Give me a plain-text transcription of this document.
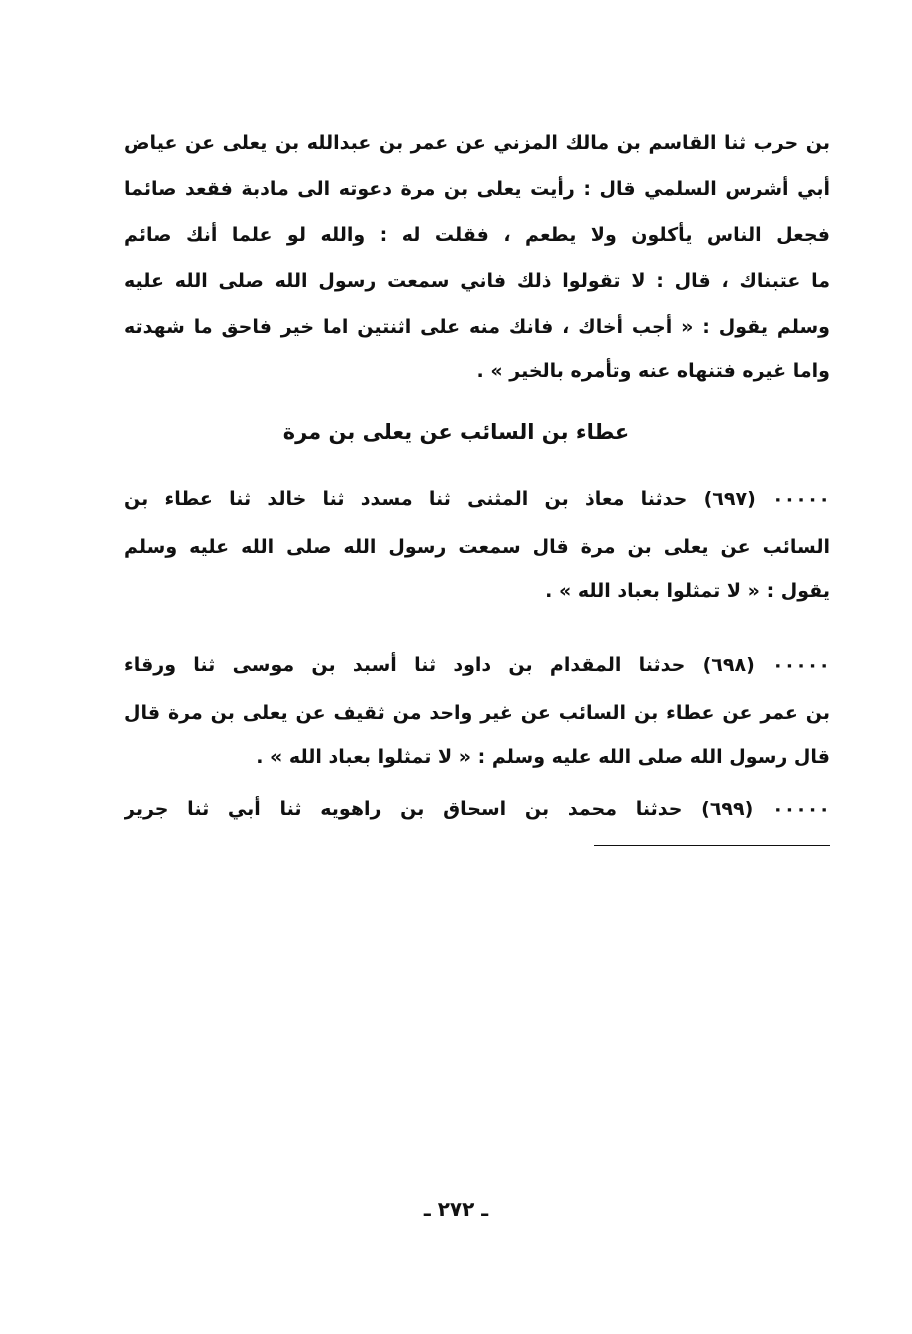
بن حرب ثنا القاسم بن مالك المزني عن عمر بن عبدالله بن يعلى عن عياض
أبي أشرس السلمي قال : رأيت يعلى بن مرة دعوته الى مادبة فقعد صائما
فجعل الناس يأكلون ولا يطعم ، فقلت له : والله لو علما أنك صائم
ما عتبناك ، قال : لا تقولوا ذلك فاني سمعت رسول الله صلى الله عليه
وسلم يقول : « أجب أخاك ، فانك منه على اثنتين اما خير فاحق ما شهدته
واما غيره فتنهاه عنه وتأمره بالخير » .
عطاء بن السائب عن يعلى بن مرة
٠٠٠٠٠ (٦٩٧) حدثنا معاذ بن المثنى ثنا مسدد ثنا خالد ثنا عطاء بن
السائب عن يعلى بن مرة قال سمعت رسول الله صلى الله عليه وسلم
يقول : « لا تمثلوا بعباد الله » .
٠٠٠٠٠ (٦٩٨) حدثنا المقدام بن داود ثنا أسبد بن موسى ثنا ورقاء
بن عمر عن عطاء بن السائب عن غير واحد من ثقيف عن يعلى بن مرة قال
قال رسول الله صلى الله عليه وسلم : « لا تمثلوا بعباد الله » .
٠٠٠٠٠ (٦٩٩) حدثنا محمد بن اسحاق بن راهويه ثنا أبي ثنا جرير
ـ ٢٧٢ ـ
